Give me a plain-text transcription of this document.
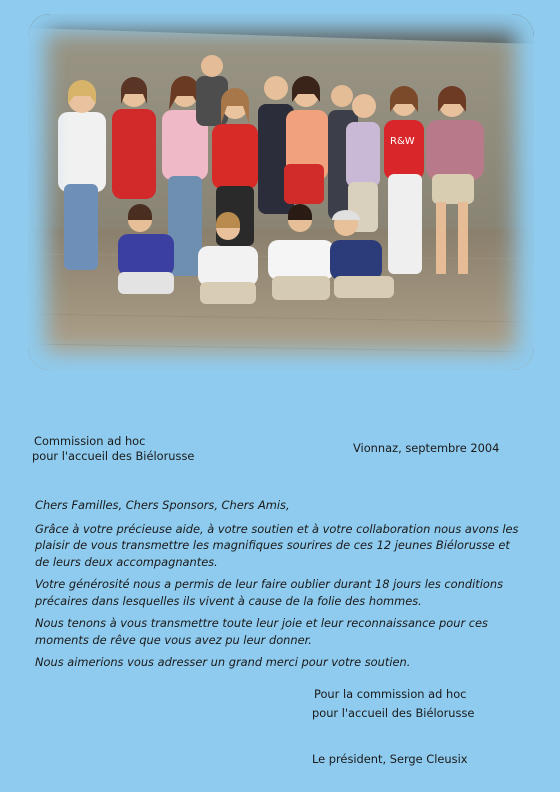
R&W
Commission ad hoc
pour l'accueil des Biélorusse
Vionnaz, septembre 2004

Chers Familles, Chers Sponsors, Chers Amis,

Grâce à votre précieuse aide, à votre soutien et à votre collaboration nous avons les plaisir de vous transmettre les magnifiques sourires de ces 12 jeunes Biélorusse et de leurs deux accompagnantes.

Votre générosité nous a permis de leur faire oublier durant 18 jours les conditions précaires dans lesquelles ils vivent à cause de la folie des hommes.

Nous tenons à vous transmettre toute leur joie et leur reconnaissance pour ces moments de rêve que vous avez pu leur donner.

Nous aimerions vous adresser un grand merci pour votre soutien.

Pour la commission ad hoc
pour l'accueil des Biélorusse
Le président, Serge Cleusix
